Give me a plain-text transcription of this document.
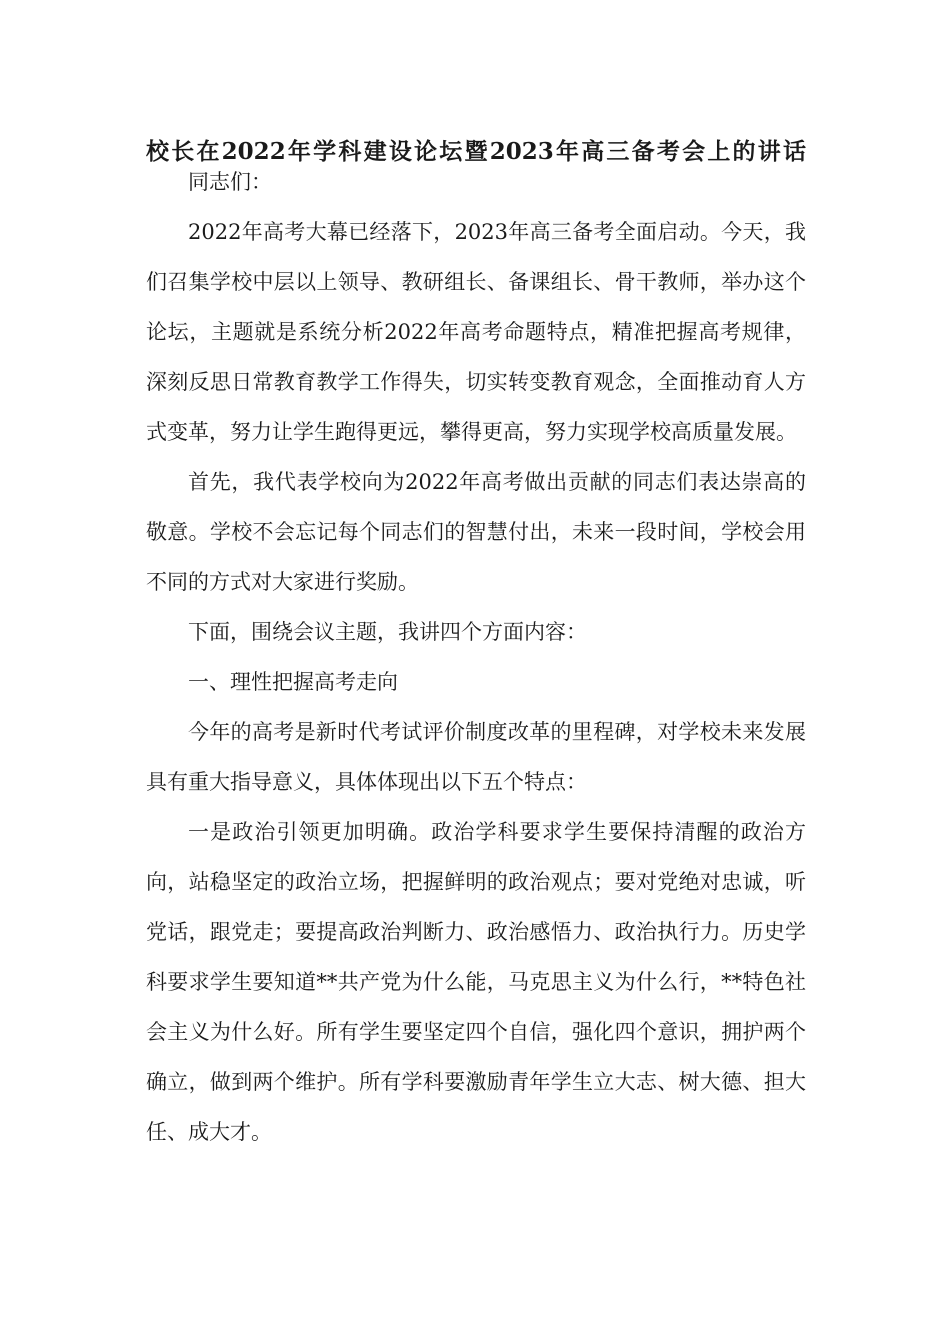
校长在2022年学科建设论坛暨2023年高三备考会上的讲话

同志们：

2022年高考大幕已经落下，2023年高三备考全面启动。今天，我们召集学校中层以上领导、教研组长、备课组长、骨干教师，举办这个论坛，主题就是系统分析2022年高考命题特点，精准把握高考规律，深刻反思日常教育教学工作得失，切实转变教育观念，全面推动育人方式变革，努力让学生跑得更远，攀得更高，努力实现学校高质量发展。

首先，我代表学校向为2022年高考做出贡献的同志们表达崇高的敬意。学校不会忘记每个同志们的智慧付出，未来一段时间，学校会用不同的方式对大家进行奖励。

下面，围绕会议主题，我讲四个方面内容：

一、理性把握高考走向

今年的高考是新时代考试评价制度改革的里程碑，对学校未来发展具有重大指导意义，具体体现出以下五个特点：

一是政治引领更加明确。政治学科要求学生要保持清醒的政治方向，站稳坚定的政治立场，把握鲜明的政治观点；要对党绝对忠诚，听党话，跟党走；要提高政治判断力、政治感悟力、政治执行力。历史学科要求学生要知道**共产党为什么能，马克思主义为什么行，**特色社会主义为什么好。所有学生要坚定四个自信，强化四个意识，拥护两个确立，做到两个维护。所有学科要激励青年学生立大志、树大德、担大任、成大才。
